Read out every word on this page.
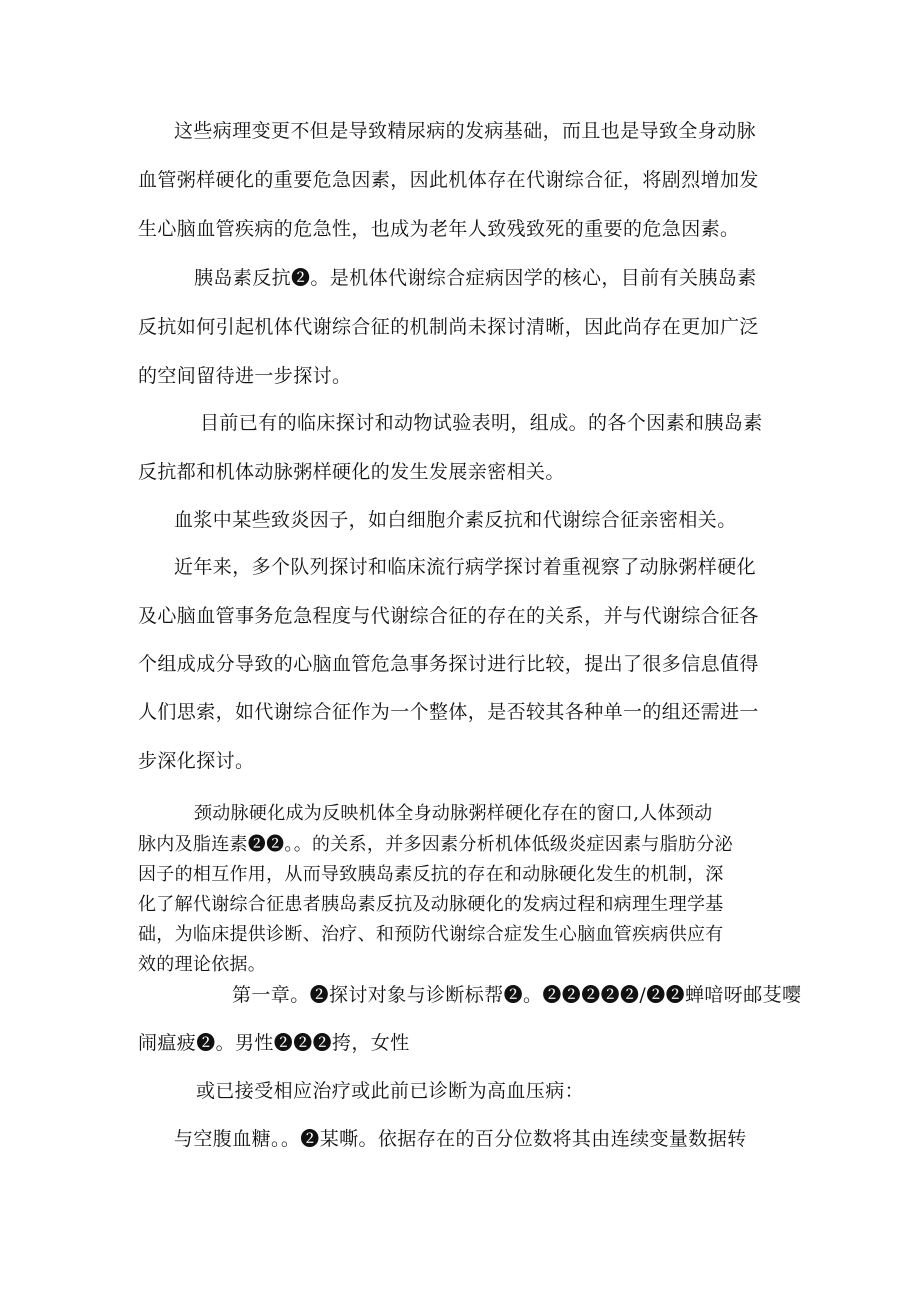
这些病理变更不但是导致精尿病的发病基础，而且也是导致全身动脉
血管粥样硬化的重要危急因素，因此机体存在代谢综合征，将剧烈增加发
生心脑血管疾病的危急性，也成为老年人致残致死的重要的危急因素。
胰岛素反抗❷。是机体代谢综合症病因学的核心，目前有关胰岛素
反抗如何引起机体代谢综合征的机制尚未探讨清晰，因此尚存在更加广泛
的空间留待进一步探讨。
目前已有的临床探讨和动物试验表明，组成。的各个因素和胰岛素
反抗都和机体动脉粥样硬化的发生发展亲密相关。
血浆中某些致炎因子，如白细胞介素反抗和代谢综合征亲密相关。
近年来，多个队列探讨和临床流行病学探讨着重视察了动脉粥样硬化
及心脑血管事务危急程度与代谢综合征的存在的关系，并与代谢综合征各
个组成成分导致的心脑血管危急事务探讨进行比较，提出了很多信息值得
人们思索，如代谢综合征作为一个整体，是否较其各种单一的组还需进一
步深化探讨。
颈动脉硬化成为反映机体全身动脉粥样硬化存在的窗口,人体颈动
脉内及脂连素❷❷。。的关系，并多因素分析机体低级炎症因素与脂肪分泌
因子的相互作用，从而导致胰岛素反抗的存在和动脉硬化发生的机制，深
化了解代谢综合征患者胰岛素反抗及动脉硬化的发病过程和病理生理学基
础，为临床提供诊断、治疗、和预防代谢综合症发生心脑血管疾病供应有
效的理论依据。
第一章。❷探讨对象与诊断标帮❷。❷❷❷❷❷/❷❷蝉喑呀邮芟嘤
闹瘟疲❷。男性❷❷❷挎，女性
或已接受相应治疗或此前已诊断为高血压病：
与空腹血糖。。❷某嘶。依据存在的百分位数将其由连续变量数据转
